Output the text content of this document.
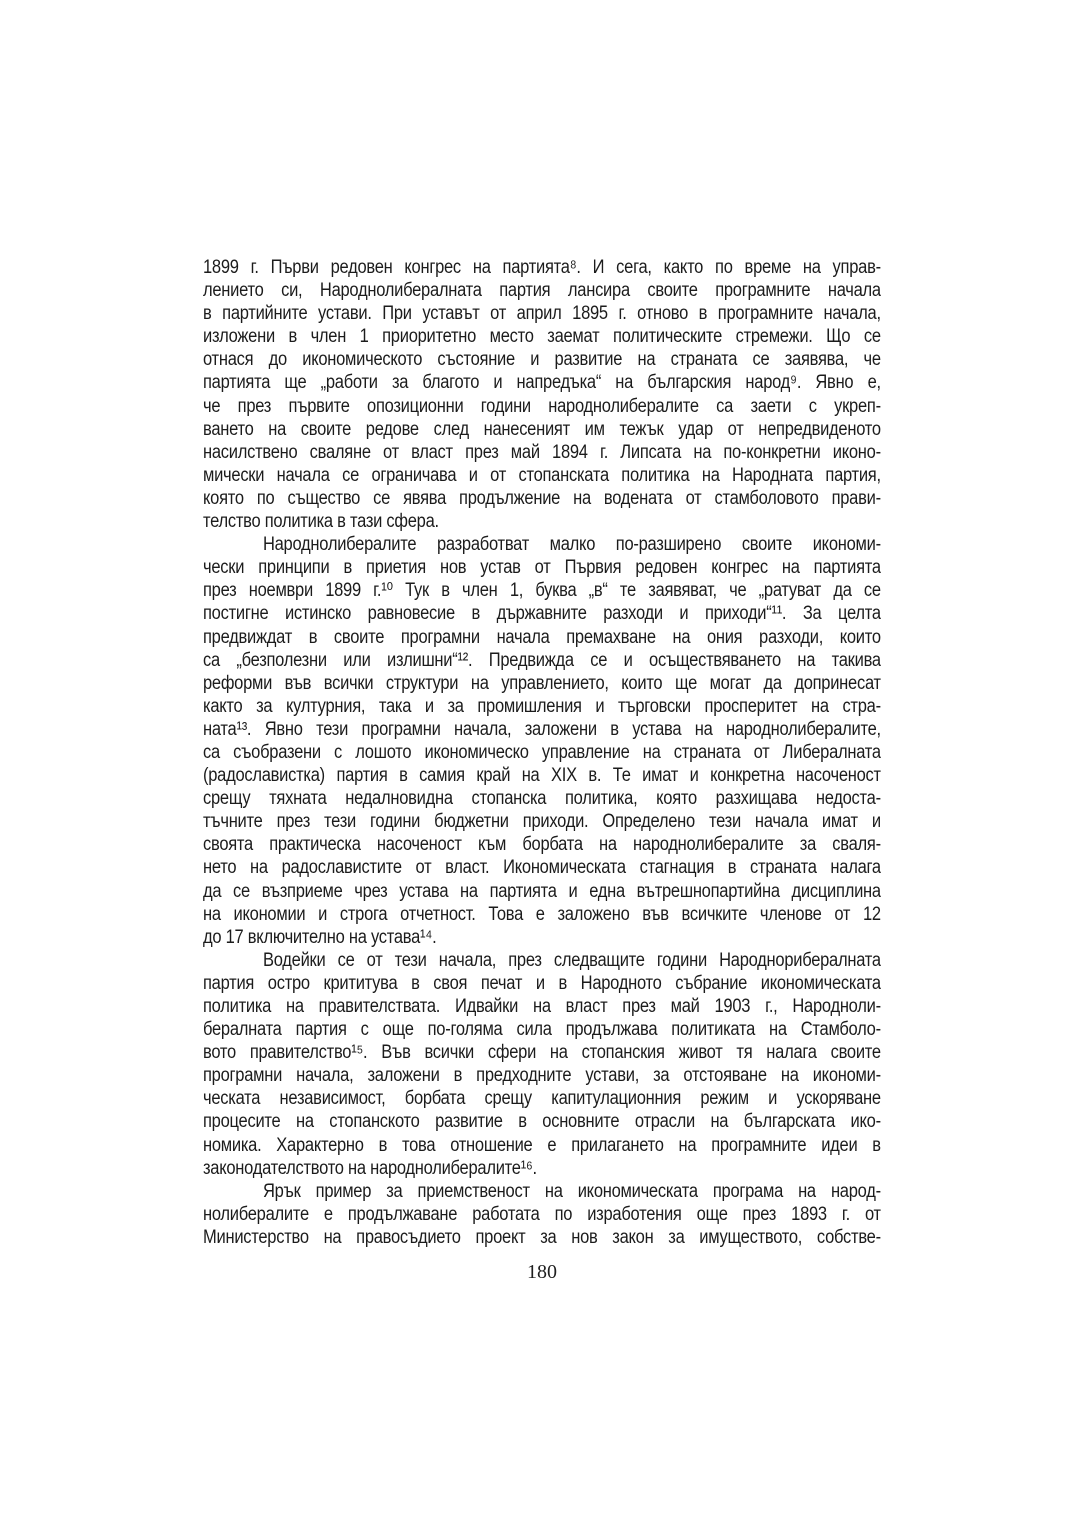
1899 г. Първи редовен конгрес на партията⁸. И сега, както по време на управ-
лението си, Народнолибералната партия лансира своите програмните начала
в партийните устави. При уставът от април 1895 г. отново в програмните начала,
изложени в член 1 приоритетно место заемат политическите стремежи. Що се
отнася до икономическото състояние и развитие на страната се заявява, че
партията ще „работи за благото и напредъка“ на българския народ⁹. Явно е,
че през първите опозиционни години народнолибералите са заети с укреп-
ването на своите редове след нанесеният им тежък удар от непредвиденото
насилствено сваляне от власт през май 1894 г. Липсата на по-конкретни иконо-
мически начала се ограничава и от стопанската политика на Народната партия,
която по същество се явява продължение на водената от стамболовото прави-
телство политика в тази сфера.
Народнолибералите разработват малко по-разширено своите икономи-
чески принципи в приетия нов устав от Първия редовен конгрес на партията
през ноември 1899 г.¹⁰ Тук в член 1, буква „в“ те заявяват, че „ратуват да се
постигне истинско равновесие в държавните разходи и приходи“¹¹. За целта
предвиждат в своите програмни начала премахване на ония разходи, които
са „безполезни или излишни“¹². Предвижда се и осъществяването на такива
реформи във всички структури на управлението, които ще могат да допринесат
както за културния, така и за промишления и търговски просперитет на стра-
ната¹³. Явно тези програмни начала, заложени в устава на народнолибералите,
са съобразени с лошото икономическо управление на страната от Либералната
(радославистка) партия в самия край на XIX в. Те имат и конкретна насоченост
срещу тяхната недалновидна стопанска политика, която разхищава недоста-
тъчните през тези години бюджетни приходи. Определено тези начала имат и
своята практическа насоченост към борбата на народнолибералите за сваля-
нето на радославистите от власт. Икономическата стагнация в страната налага
да се възприеме чрез устава на партията и една вътрешнопартийна дисциплина
на икономии и строга отчетност. Това е заложено във всичките членове от 12
до 17 включително на устава¹⁴.
Водейки се от тези начала, през следващите години Народнорибералната
партия остро крититува в своя печат и в Народното събрание икономическата
политика на правителствата. Идвайки на власт през май 1903 г., Народноли-
бералната партия с още по-голяма сила продължава политиката на Стамболо-
вото правителство¹⁵. Във всички сфери на стопанския живот тя налага своите
програмни начала, заложени в предходните устави, за отстояване на икономи-
ческата независимост, борбата срещу капитулационния режим и ускоряване
процесите на стопанското развитие в основните отрасли на българската ико-
номика. Характерно в това отношение е прилагането на програмните идеи в
законодателството на народнолибералите¹⁶.
Ярък пример за приемственост на икономическата програма на народ-
нолибералите е продължаване работата по изработения още през 1893 г. от
Министерство на правосъдието проект за нов закон за имуществото, собстве-
180
